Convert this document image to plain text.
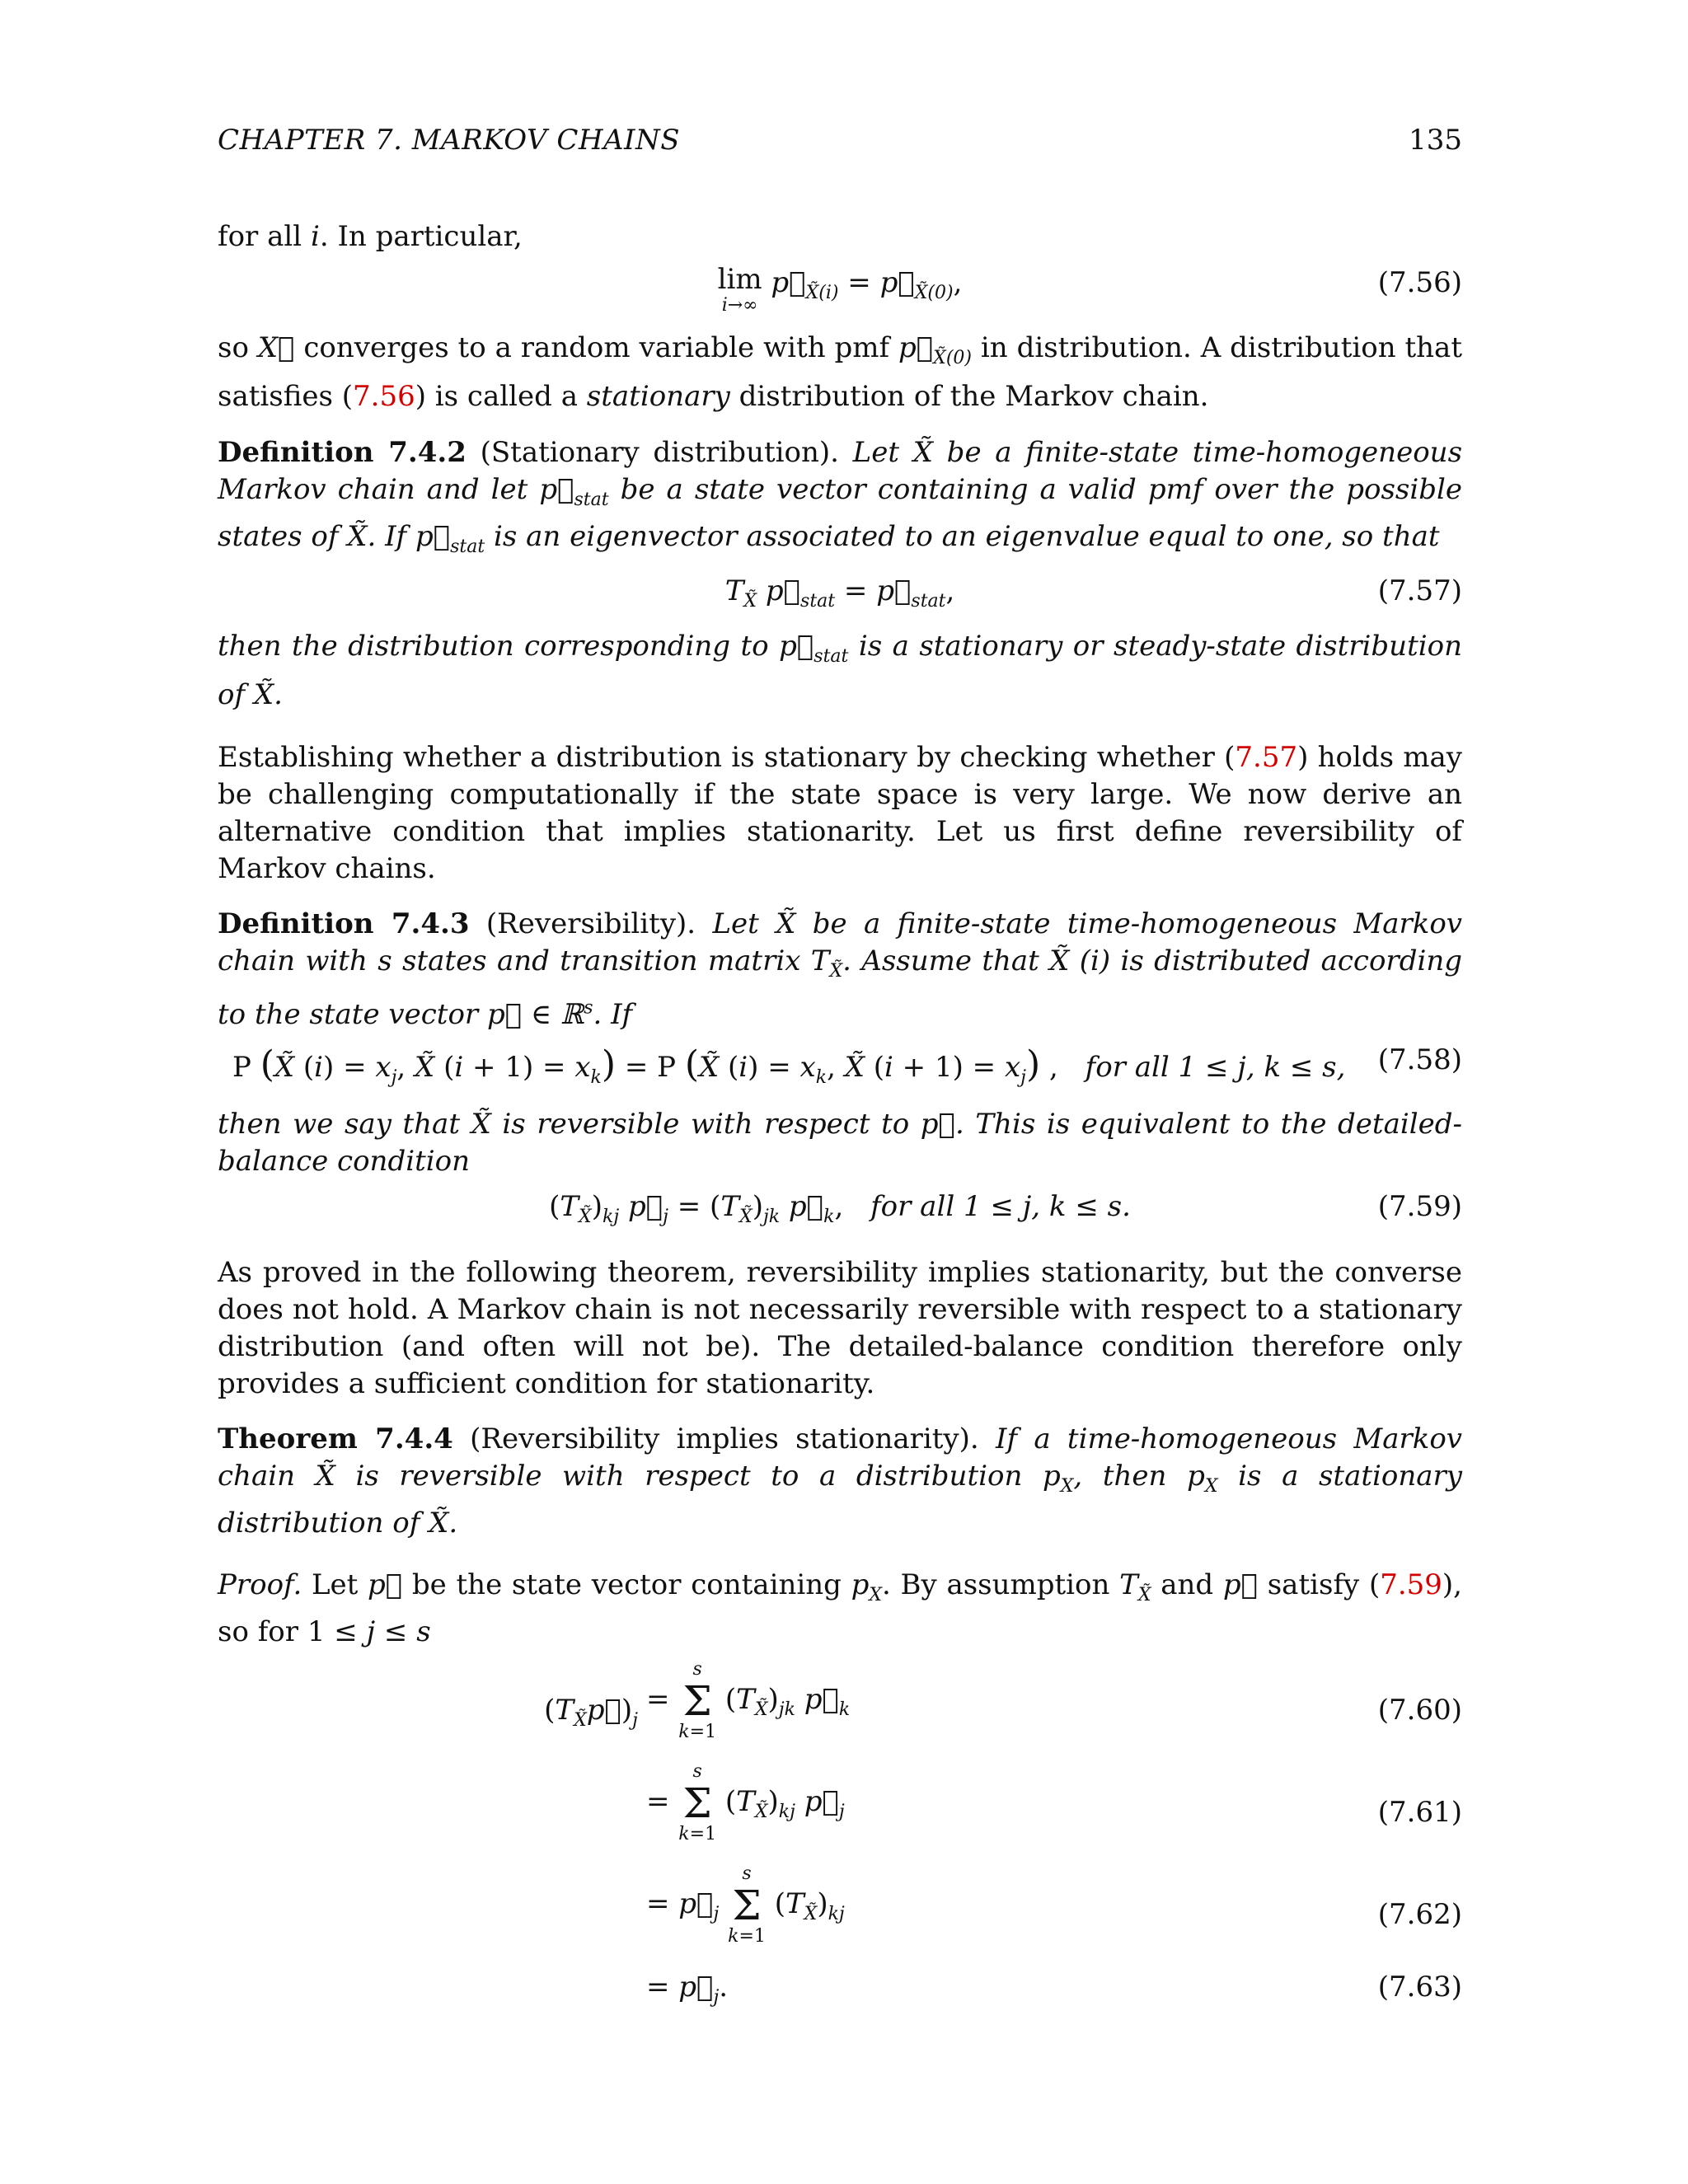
CHAPTER 7. MARKOV CHAINS	135

for all i. In particular,

lim
i→∞
$p⃗_{X̃(i)}$ = $p⃗_{X̃(0)}$,	(7.56)

so X⃗ converges to a random variable with pmf $p⃗_{X̃(0)}$ in distribution. A distribution that satisfies (7.56) is called a stationary distribution of the Markov chain.

Definition 7.4.2 (Stationary distribution). Let X̃ be a finite-state time-homogeneous Markov chain and let $p⃗_{stat}$ be a state vector containing a valid pmf over the possible states of X̃. If $p⃗_{stat}$ is an eigenvector associated to an eigenvalue equal to one, so that

$T_{X̃}$ $p⃗_{stat}$ = $p⃗_{stat}$,	(7.57)

then the distribution corresponding to $p⃗_{stat}$ is a stationary or steady-state distribution of X̃.

Establishing whether a distribution is stationary by checking whether (7.57) holds may be challenging computationally if the state space is very large. We now derive an alternative condition that implies stationarity. Let us first define reversibility of Markov chains.

Definition 7.4.3 (Reversibility). Let X̃ be a finite-state time-homogeneous Markov chain with s states and transition matrix $T_{X̃}$. Assume that X̃ (i) is distributed according to the state vector p⃗ ∈ ℝ$^s$. If

P (X̃ $(i) = x_j$, X̃ $(i + 1) = x_k) = P$ (X̃ $(i) = x_k$, X̃ $(i + 1) = x_j$) , for all 1 ≤ j, k ≤ s,	(7.58)

then we say that X̃ is reversible with respect to p⃗. This is equivalent to the detailed-balance condition

$(T_{X̃})_{kj}$ $p⃗_j = (T_{X̃})_{jk}$ $p⃗_k$, for all 1 ≤ j, k ≤ s.	(7.59)

As proved in the following theorem, reversibility implies stationarity, but the converse does not hold. A Markov chain is not necessarily reversible with respect to a stationary distribution (and often will not be). The detailed-balance condition therefore only provides a sufficient condition for stationarity.

Theorem 7.4.4 (Reversibility implies stationarity). If a time-homogeneous Markov chain X̃ is reversible with respect to a distribution $p_X$, then $p_X$ is a stationary distribution of X̃.

Proof. Let p⃗ be the state vector containing $p_X$. By assumption $T_{X̃}$ and p⃗ satisfy (7.59), so for 1 ≤ j ≤ s

$(T_{X̃}p⃗)_j$
=
s
Σ
k=1
$(T_{X̃})_{jk}$ $p⃗_k$	(7.60)
=
s
Σ
k=1
$(T_{X̃})_{kj}$ $p⃗_j$	(7.61)
= $p⃗_j$
s
Σ
k=1
$(T_{X̃})_{kj}$	(7.62)
= $p⃗_j$.	(7.63)
